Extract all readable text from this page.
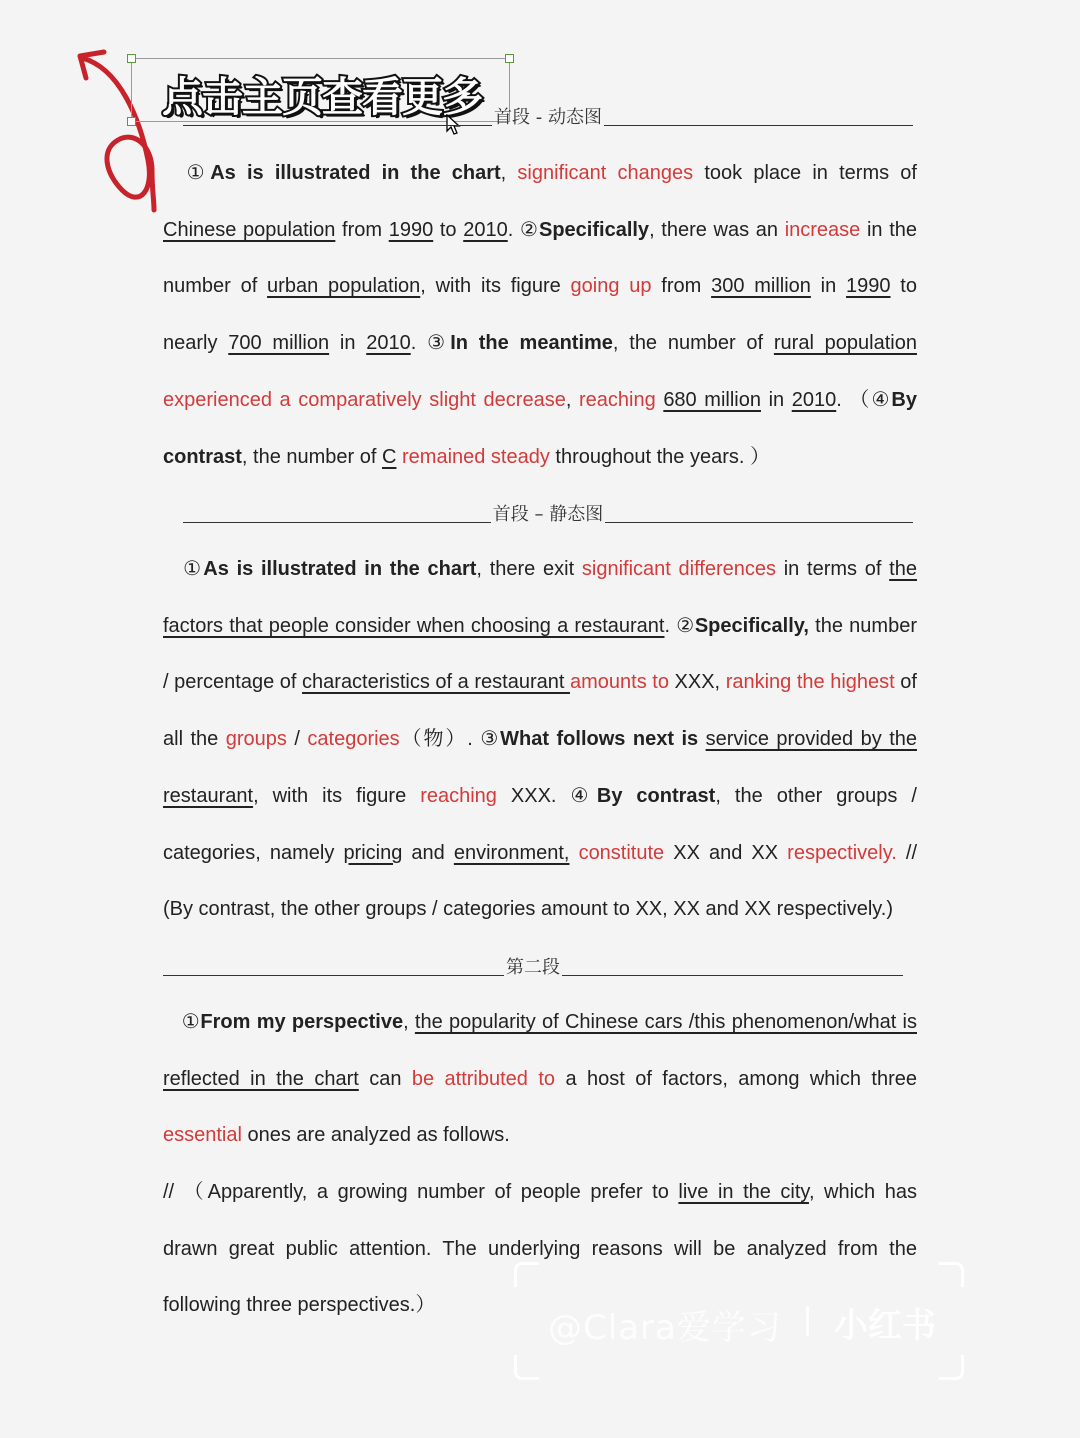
点击主页查看更多 首段 - 动态图
①As is illustrated in the chart, significant changes took place in terms of Chinese population from 1990 to 2010. ②Specifically, there was an increase in the number of urban population, with its figure going up from 300 million in 1990 to nearly 700 million in 2010. ③In the meantime, the number of rural population experienced a comparatively slight decrease, reaching 680 million in 2010. （④By contrast, the number of C remained steady throughout the years. ）
首段 – 静态图
①As is illustrated in the chart, there exit significant differences in terms of the factors that people consider when choosing a restaurant. ②Specifically, the number / percentage of characteristics of a restaurant amounts to XXX, ranking the highest of all the groups / categories（物）. ③What follows next is service provided by the restaurant, with its figure reaching XXX. ④By contrast, the other groups / categories, namely pricing and environment, constitute XX and XX respectively. // (By contrast, the other groups / categories amount to XX, XX and XX respectively.)
第二段
①From my perspective, the popularity of Chinese cars /this phenomenon/what is reflected in the chart can be attributed to a host of factors, among which three essential ones are analyzed as follows.
// （Apparently, a growing number of people prefer to live in the city, which has drawn great public attention. The underlying reasons will be analyzed from the following three perspectives.）
@Clara爱学习 小红书
